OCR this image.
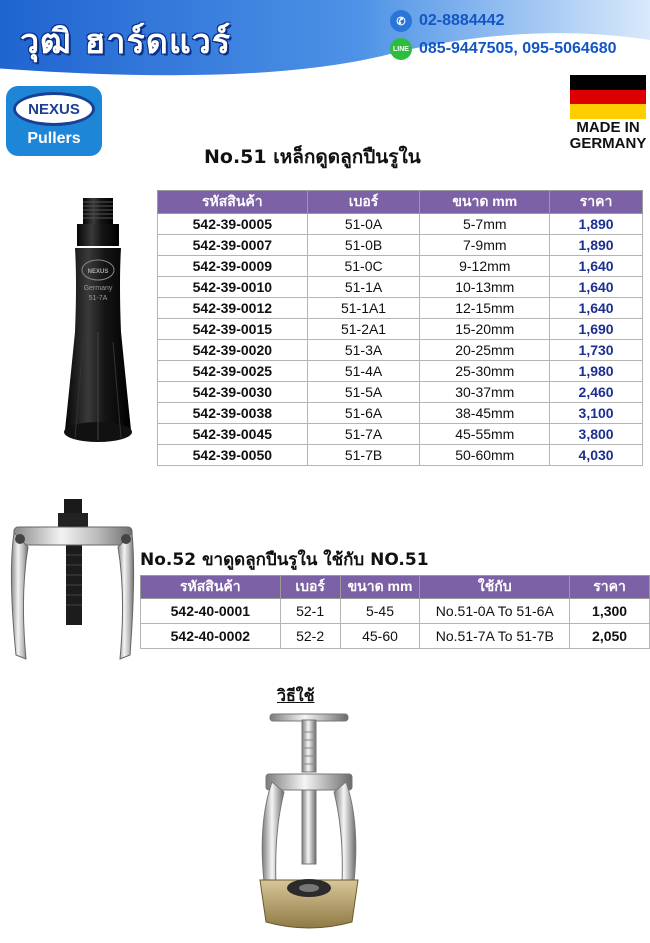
วุฒิ ฮาร์ดแวร์
✆ 02-8884442
LINE 085-9447505, 095-5064680
NEXUS
Pullers
MADE IN
GERMANY
No.51 เหล็กดูดลูกปืนรูใน
NEXUS
Germany
51-7A
รหัสสินค้า	เบอร์	ขนาด mm	ราคา
542-39-0005	51-0A	5-7mm	1,890
542-39-0007	51-0B	7-9mm	1,890
542-39-0009	51-0C	9-12mm	1,640
542-39-0010	51-1A	10-13mm	1,640
542-39-0012	51-1A1	12-15mm	1,640
542-39-0015	51-2A1	15-20mm	1,690
542-39-0020	51-3A	20-25mm	1,730
542-39-0025	51-4A	25-30mm	1,980
542-39-0030	51-5A	30-37mm	2,460
542-39-0038	51-6A	38-45mm	3,100
542-39-0045	51-7A	45-55mm	3,800
542-39-0050	51-7B	50-60mm	4,030
No.52 ขาดูดลูกปืนรูใน ใช้กับ NO.51
รหัสสินค้า	เบอร์	ขนาด mm	ใช้กับ	ราคา
542-40-0001	52-1	5-45	No.51-0A To 51-6A	1,300
542-40-0002	52-2	45-60	No.51-7A To 51-7B	2,050
วิธีใช้
